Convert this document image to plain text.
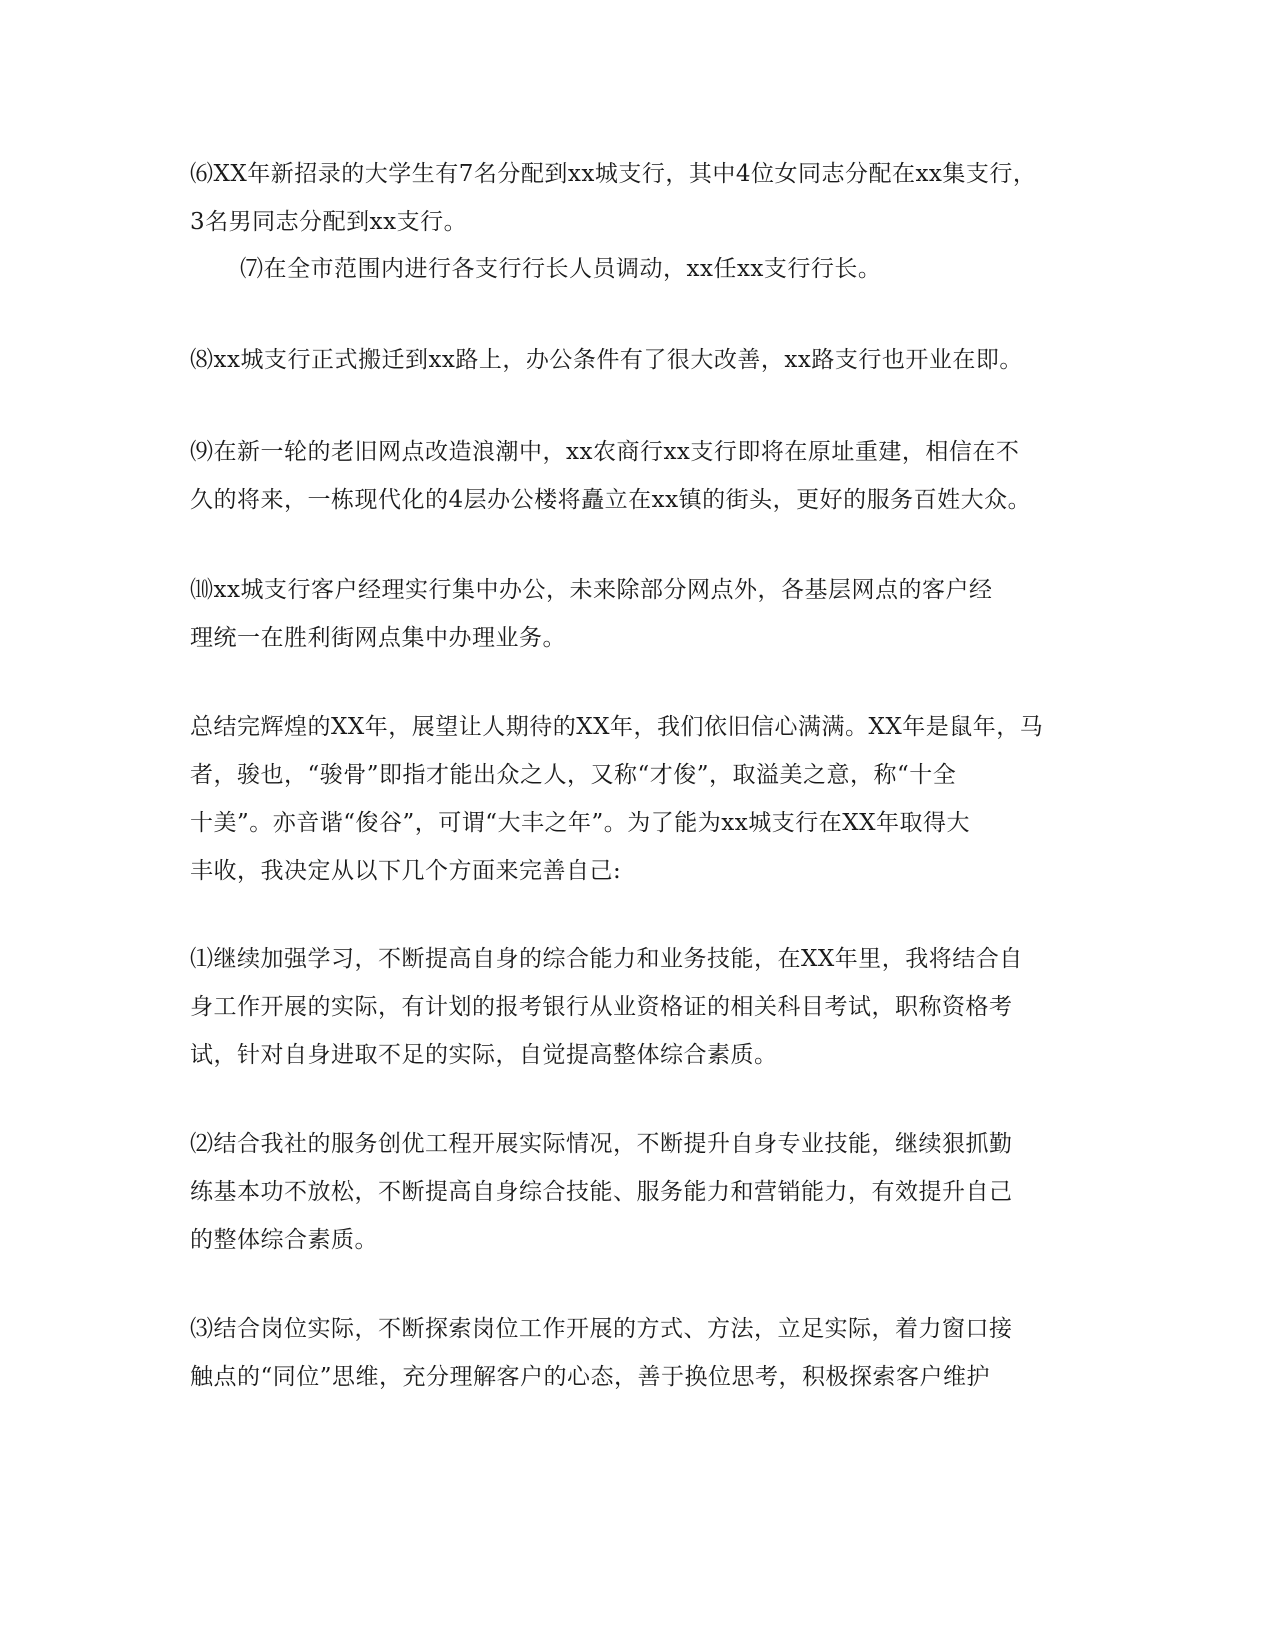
⑹XX年新招录的大学生有7名分配到xx城支行，其中4位女同志分配在xx集支行，
3名男同志分配到xx支行。

⑺在全市范围内进行各支行行长人员调动，xx任xx支行行长。

⑻xx城支行正式搬迁到xx路上，办公条件有了很大改善，xx路支行也开业在即。

⑼在新一轮的老旧网点改造浪潮中，xx农商行xx支行即将在原址重建，相信在不
久的将来，一栋现代化的4层办公楼将矗立在xx镇的街头，更好的服务百姓大众。

⑽xx城支行客户经理实行集中办公，未来除部分网点外，各基层网点的客户经
理统一在胜利街网点集中办理业务。

总结完辉煌的XX年，展望让人期待的XX年，我们依旧信心满满。XX年是鼠年，马
者，骏也，“骏骨”即指才能出众之人，又称“才俊”，取溢美之意，称“十全
十美”。亦音谐“俊谷”，可谓“大丰之年”。为了能为xx城支行在XX年取得大
丰收，我决定从以下几个方面来完善自己:

⑴继续加强学习，不断提高自身的综合能力和业务技能，在XX年里，我将结合自
身工作开展的实际，有计划的报考银行从业资格证的相关科目考试，职称资格考
试，针对自身进取不足的实际，自觉提高整体综合素质。

⑵结合我社的服务创优工程开展实际情况，不断提升自身专业技能，继续狠抓勤
练基本功不放松，不断提高自身综合技能、服务能力和营销能力，有效提升自己
的整体综合素质。

⑶结合岗位实际，不断探索岗位工作开展的方式、方法，立足实际，着力窗口接
触点的“同位”思维，充分理解客户的心态，善于换位思考，积极探索客户维护
